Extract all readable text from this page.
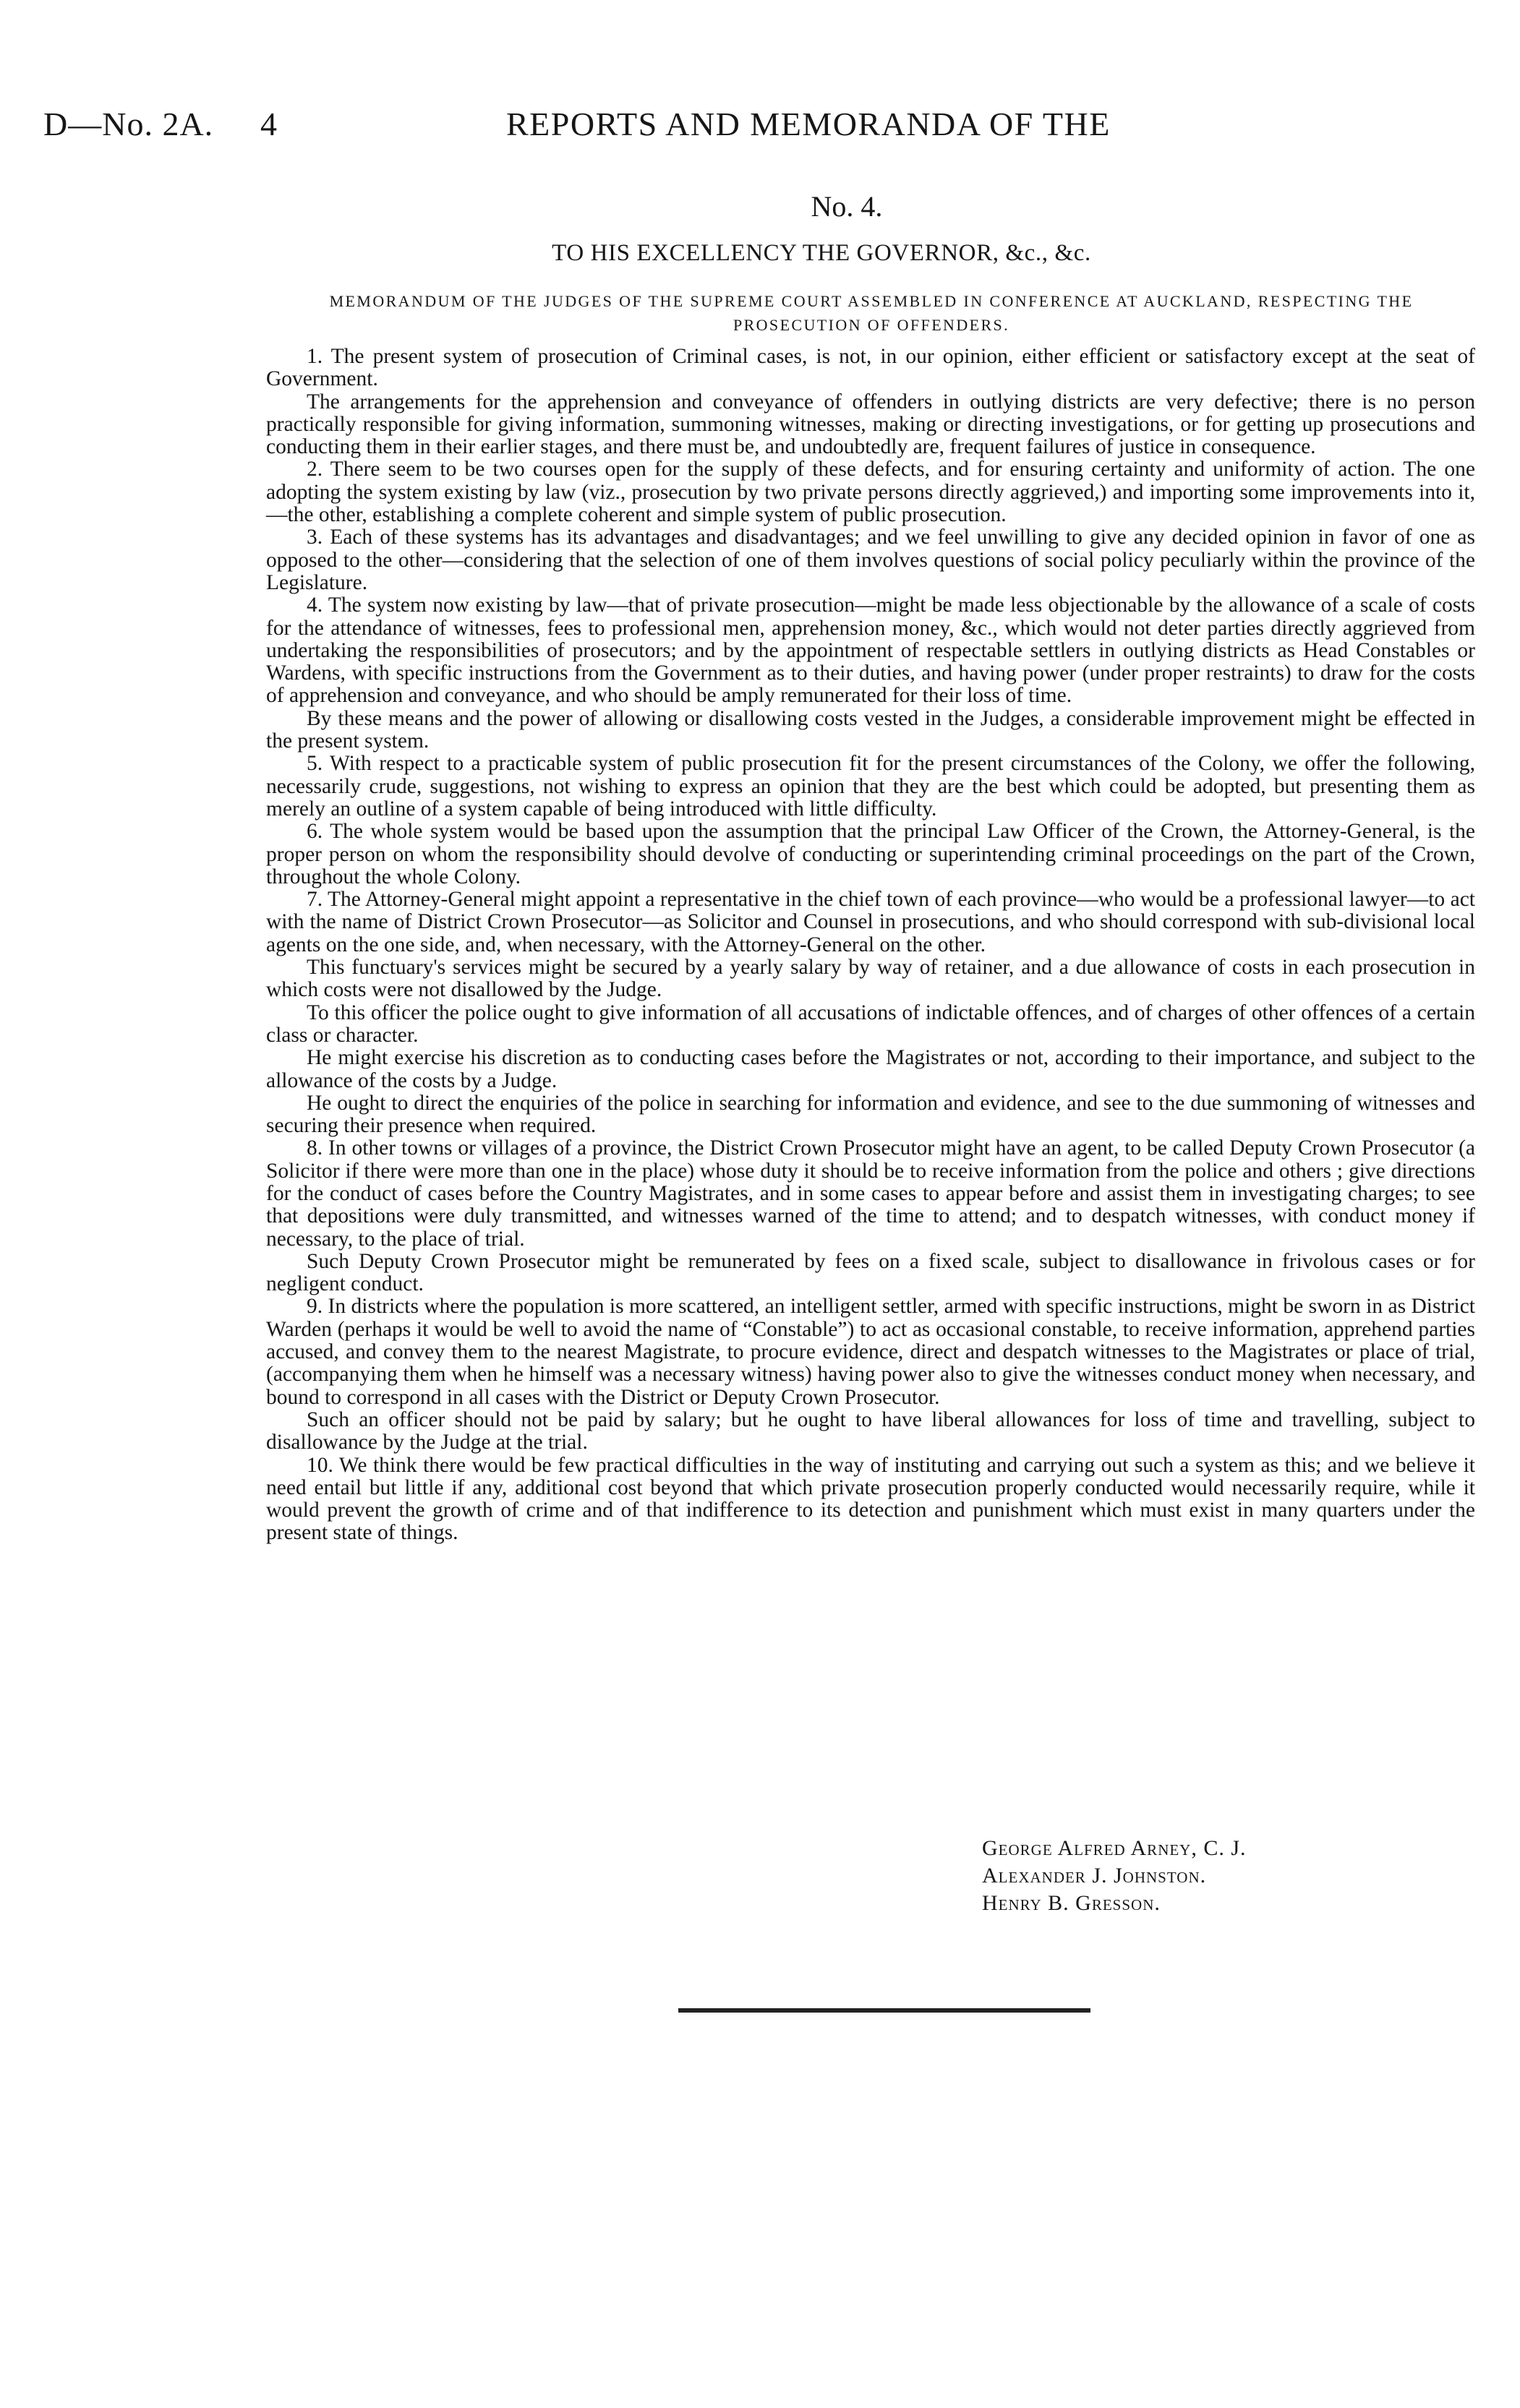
D—No. 2A. 4	REPORTS AND MEMORANDA OF THE
No. 4.
TO HIS EXCELLENCY THE GOVERNOR, &c., &c.
MEMORANDUM OF THE JUDGES OF THE SUPREME COURT ASSEMBLED IN CONFERENCE AT AUCKLAND, RESPECTING THE PROSECUTION OF OFFENDERS.

1. The present system of prosecution of Criminal cases, is not, in our opinion, either efficient or satisfactory except at the seat of Government.

The arrangements for the apprehension and conveyance of offenders in outlying districts are very defective; there is no person practically responsible for giving information, summoning witnesses, making or directing investigations, or for getting up prosecutions and conducting them in their earlier stages, and there must be, and undoubtedly are, frequent failures of justice in consequence.

2. There seem to be two courses open for the supply of these defects, and for ensuring certainty and uniformity of action. The one adopting the system existing by law (viz., prosecution by two private persons directly aggrieved,) and importing some improvements into it,—the other, establishing a complete coherent and simple system of public prosecution.

3. Each of these systems has its advantages and disadvantages; and we feel unwilling to give any decided opinion in favor of one as opposed to the other—considering that the selection of one of them involves questions of social policy peculiarly within the province of the Legislature.

4. The system now existing by law—that of private prosecution—might be made less objectionable by the allowance of a scale of costs for the attendance of witnesses, fees to professional men, apprehension money, &c., which would not deter parties directly aggrieved from undertaking the responsibilities of prosecutors; and by the appointment of respectable settlers in outlying districts as Head Constables or Wardens, with specific instructions from the Government as to their duties, and having power (under proper restraints) to draw for the costs of apprehension and conveyance, and who should be amply remunerated for their loss of time.

By these means and the power of allowing or disallowing costs vested in the Judges, a considerable improvement might be effected in the present system.

5. With respect to a practicable system of public prosecution fit for the present circumstances of the Colony, we offer the following, necessarily crude, suggestions, not wishing to express an opinion that they are the best which could be adopted, but presenting them as merely an outline of a system capable of being introduced with little difficulty.

6. The whole system would be based upon the assumption that the principal Law Officer of the Crown, the Attorney-General, is the proper person on whom the responsibility should devolve of conducting or superintending criminal proceedings on the part of the Crown, throughout the whole Colony.

7. The Attorney-General might appoint a representative in the chief town of each province—who would be a professional lawyer—to act with the name of District Crown Prosecutor—as Solicitor and Counsel in prosecutions, and who should correspond with sub-divisional local agents on the one side, and, when necessary, with the Attorney-General on the other.

This functuary's services might be secured by a yearly salary by way of retainer, and a due allowance of costs in each prosecution in which costs were not disallowed by the Judge.

To this officer the police ought to give information of all accusations of indictable offences, and of charges of other offences of a certain class or character.

He might exercise his discretion as to conducting cases before the Magistrates or not, according to their importance, and subject to the allowance of the costs by a Judge.

He ought to direct the enquiries of the police in searching for information and evidence, and see to the due summoning of witnesses and securing their presence when required.

8. In other towns or villages of a province, the District Crown Prosecutor might have an agent, to be called Deputy Crown Prosecutor (a Solicitor if there were more than one in the place) whose duty it should be to receive information from the police and others ; give directions for the conduct of cases before the Country Magistrates, and in some cases to appear before and assist them in investigating charges; to see that depositions were duly transmitted, and witnesses warned of the time to attend; and to despatch witnesses, with conduct money if necessary, to the place of trial.

Such Deputy Crown Prosecutor might be remunerated by fees on a fixed scale, subject to disallowance in frivolous cases or for negligent conduct.

9. In districts where the population is more scattered, an intelligent settler, armed with specific instructions, might be sworn in as District Warden (perhaps it would be well to avoid the name of “Constable”) to act as occasional constable, to receive information, apprehend parties accused, and convey them to the nearest Magistrate, to procure evidence, direct and despatch witnesses to the Magistrates or place of trial, (accompanying them when he himself was a necessary witness) having power also to give the witnesses conduct money when necessary, and bound to correspond in all cases with the District or Deputy Crown Prosecutor.

Such an officer should not be paid by salary; but he ought to have liberal allowances for loss of time and travelling, subject to disallowance by the Judge at the trial.

10. We think there would be few practical difficulties in the way of instituting and carrying out such a system as this; and we believe it need entail but little if any, additional cost beyond that which private prosecution properly conducted would necessarily require, while it would prevent the growth of crime and of that indifference to its detection and punishment which must exist in many quarters under the present state of things.

George Alfred Arney, C. J.
Alexander J. Johnston.
Henry B. Gresson.
